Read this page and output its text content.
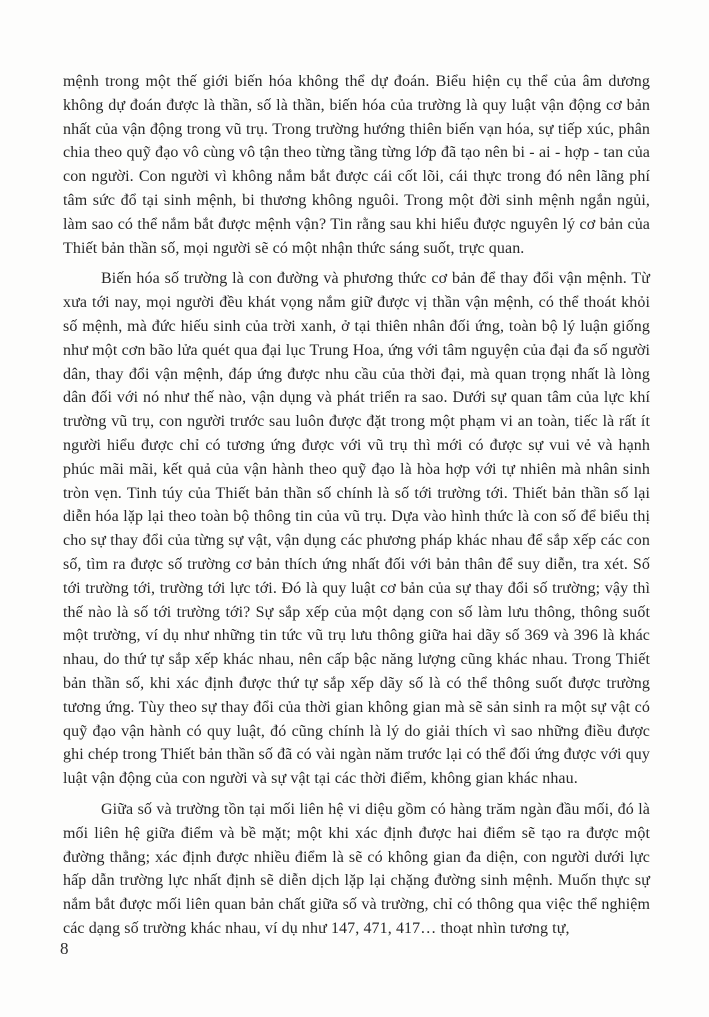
mệnh trong một thế giới biến hóa không thể dự đoán. Biểu hiện cụ thể của âm dương không dự đoán được là thần, số là thần, biến hóa của trường là quy luật vận động cơ bản nhất của vận động trong vũ trụ. Trong trường hướng thiên biến vạn hóa, sự tiếp xúc, phân chia theo quỹ đạo vô cùng vô tận theo từng tầng từng lớp đã tạo nên bi - ai - hợp - tan của con người. Con người vì không nắm bắt được cái cốt lõi, cái thực trong đó nên lãng phí tâm sức đổ tại sinh mệnh, bi thương không nguôi. Trong một đời sinh mệnh ngắn ngủi, làm sao có thể nắm bắt được mệnh vận? Tin rằng sau khi hiểu được nguyên lý cơ bản của Thiết bản thần số, mọi người sẽ có một nhận thức sáng suốt, trực quan.

Biến hóa số trường là con đường và phương thức cơ bản để thay đổi vận mệnh. Từ xưa tới nay, mọi người đều khát vọng nắm giữ được vị thần vận mệnh, có thể thoát khỏi số mệnh, mà đức hiếu sinh của trời xanh, ở tại thiên nhân đối ứng, toàn bộ lý luận giống như một cơn bão lửa quét qua đại lục Trung Hoa, ứng với tâm nguyện của đại đa số người dân, thay đổi vận mệnh, đáp ứng được nhu cầu của thời đại, mà quan trọng nhất là lòng dân đối với nó như thế nào, vận dụng và phát triển ra sao. Dưới sự quan tâm của lực khí trường vũ trụ, con người trước sau luôn được đặt trong một phạm vi an toàn, tiếc là rất ít người hiểu được chỉ có tương ứng được với vũ trụ thì mới có được sự vui vẻ và hạnh phúc mãi mãi, kết quả của vận hành theo quỹ đạo là hòa hợp với tự nhiên mà nhân sinh tròn vẹn. Tinh túy của Thiết bản thần số chính là số tới trường tới. Thiết bản thần số lại diễn hóa lặp lại theo toàn bộ thông tin của vũ trụ. Dựa vào hình thức là con số để biểu thị cho sự thay đổi của từng sự vật, vận dụng các phương pháp khác nhau để sắp xếp các con số, tìm ra được số trường cơ bản thích ứng nhất đối với bản thân để suy diễn, tra xét. Số tới trường tới, trường tới lực tới. Đó là quy luật cơ bản của sự thay đổi số trường; vậy thì thế nào là số tới trường tới? Sự sắp xếp của một dạng con số làm lưu thông, thông suốt một trường, ví dụ như những tin tức vũ trụ lưu thông giữa hai dãy số 369 và 396 là khác nhau, do thứ tự sắp xếp khác nhau, nên cấp bậc năng lượng cũng khác nhau. Trong Thiết bản thần số, khi xác định được thứ tự sắp xếp dãy số là có thể thông suốt được trường tương ứng. Tùy theo sự thay đổi của thời gian không gian mà sẽ sản sinh ra một sự vật có quỹ đạo vận hành có quy luật, đó cũng chính là lý do giải thích vì sao những điều được ghi chép trong Thiết bản thần số đã có vài ngàn năm trước lại có thể đối ứng được với quy luật vận động của con người và sự vật tại các thời điểm, không gian khác nhau.

Giữa số và trường tồn tại mối liên hệ vi diệu gồm có hàng trăm ngàn đầu mối, đó là mối liên hệ giữa điểm và bề mặt; một khi xác định được hai điểm sẽ tạo ra được một đường thẳng; xác định được nhiều điểm là sẽ có không gian đa diện, con người dưới lực hấp dẫn trường lực nhất định sẽ diễn dịch lặp lại chặng đường sinh mệnh. Muốn thực sự nắm bắt được mối liên quan bản chất giữa số và trường, chỉ có thông qua việc thể nghiệm các dạng số trường khác nhau, ví dụ như 147, 471, 417… thoạt nhìn tương tự,

8
